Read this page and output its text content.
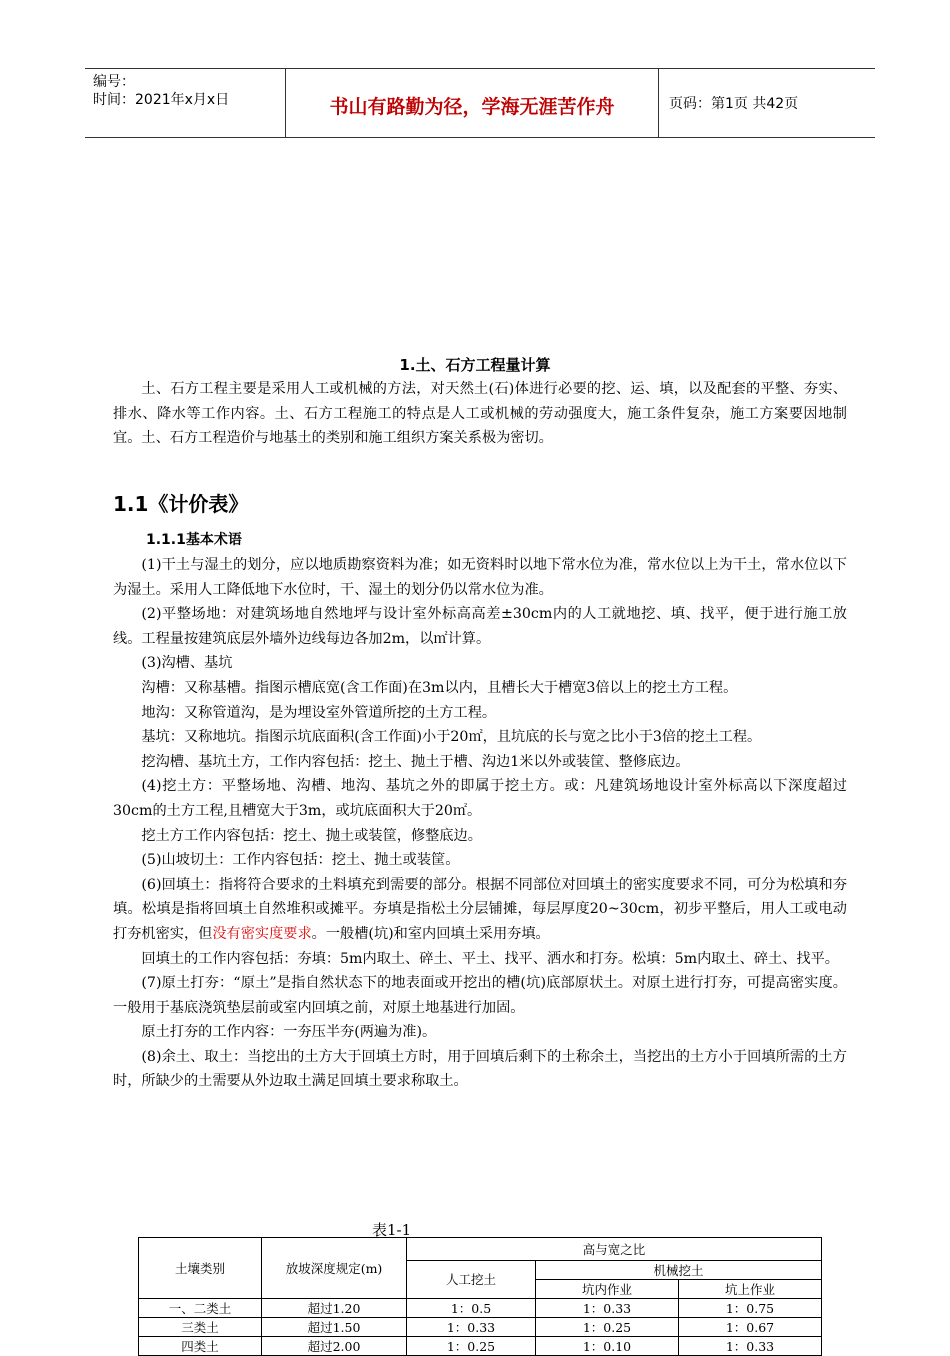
编号：
时间：2021年x月x日	书山有路勤为径，学海无涯苦作舟	页码：第1页 共42页
1.土、石方工程量计算

土、石方工程主要是采用人工或机械的方法，对天然土(石)体进行必要的挖、运、填，以及配套的平整、夯实、排水、降水等工作内容。土、石方工程施工的特点是人工或机械的劳动强度大，施工条件复杂，施工方案要因地制宜。土、石方工程造价与地基土的类别和施工组织方案关系极为密切。

1.1《计价表》
1.1.1基本术语

(1)干土与湿土的划分，应以地质勘察资料为准；如无资料时以地下常水位为准，常水位以上为干土，常水位以下为湿土。采用人工降低地下水位时，干、湿土的划分仍以常水位为准。

(2)平整场地：对建筑场地自然地坪与设计室外标高高差±30cm内的人工就地挖、填、找平，便于进行施工放线。工程量按建筑底层外墙外边线每边各加2m，以㎡计算。

(3)沟槽、基坑

沟槽：又称基槽。指图示槽底宽(含工作面)在3m以内，且槽长大于槽宽3倍以上的挖土方工程。

地沟：又称管道沟，是为埋设室外管道所挖的土方工程。

基坑：又称地坑。指图示坑底面积(含工作面)小于20㎡，且坑底的长与宽之比小于3倍的挖土工程。

挖沟槽、基坑土方，工作内容包括：挖土、抛土于槽、沟边1米以外或装筐、整修底边。

(4)挖土方：平整场地、沟槽、地沟、基坑之外的即属于挖土方。或：凡建筑场地设计室外标高以下深度超过30cm的土方工程,且槽宽大于3m，或坑底面积大于20㎡。

挖土方工作内容包括：挖土、抛土或装筐，修整底边。

(5)山坡切土：工作内容包括：挖土、抛土或装筐。

(6)回填土：指将符合要求的土料填充到需要的部分。根据不同部位对回填土的密实度要求不同，可分为松填和夯填。松填是指将回填土自然堆积或摊平。夯填是指松土分层铺摊，每层厚度20~30cm，初步平整后，用人工或电动打夯机密实，但没有密实度要求。一般槽(坑)和室内回填土采用夯填。

回填土的工作内容包括：夯填：5m内取土、碎土、平土、找平、洒水和打夯。松填：5m内取土、碎土、找平。

(7)原土打夯：“原土”是指自然状态下的地表面或开挖出的槽(坑)底部原状土。对原土进行打夯，可提高密实度。一般用于基底浇筑垫层前或室内回填之前，对原土地基进行加固。

原土打夯的工作内容：一夯压半夯(两遍为准)。

(8)余土、取土：当挖出的土方大于回填土方时，用于回填后剩下的土称余土，当挖出的土方小于回填所需的土方时，所缺少的土需要从外边取土满足回填土要求称取土。

表1-1
土壤类别	放坡深度规定(m)	高与宽之比		
		人工挖土	机械挖土	
			坑内作业	坑上作业
一、二类土	超过1.20	1：0.5	1：0.33	1：0.75
三类土	超过1.50	1：0.33	1：0.25	1：0.67
四类土	超过2.00	1：0.25	1：0.10	1：0.33
